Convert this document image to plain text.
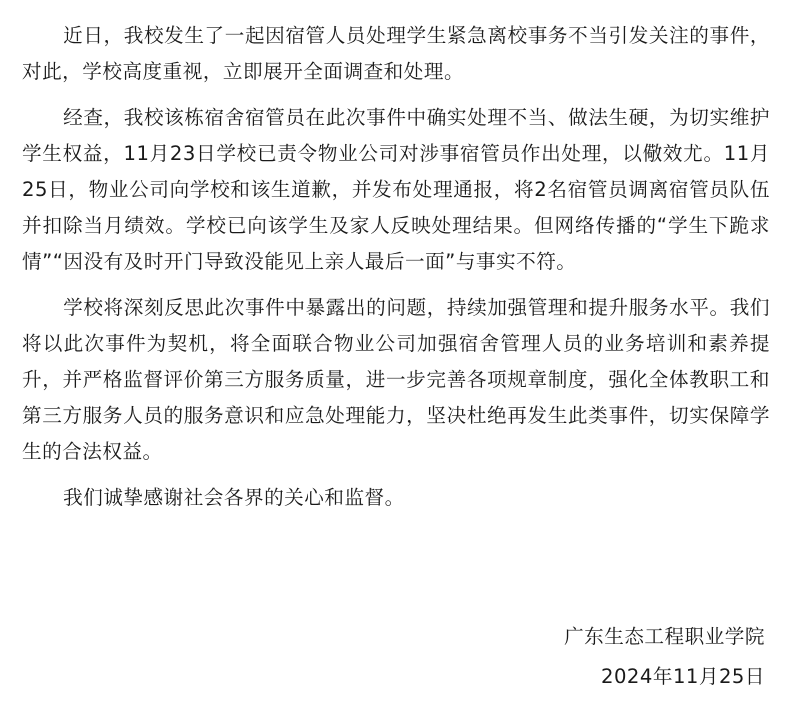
近日，我校发生了一起因宿管人员处理学生紧急离校事务不当引发关注的事件，对此，学校高度重视，立即展开全面调查和处理。

经查，我校该栋宿舍宿管员在此次事件中确实处理不当、做法生硬，为切实维护学生权益，11月23日学校已责令物业公司对涉事宿管员作出处理，以儆效尤。11月25日，物业公司向学校和该生道歉，并发布处理通报，将2名宿管员调离宿管员队伍并扣除当月绩效。学校已向该学生及家人反映处理结果。但网络传播的“学生下跪求情”“因没有及时开门导致没能见上亲人最后一面”与事实不符。

学校将深刻反思此次事件中暴露出的问题，持续加强管理和提升服务水平。我们将以此次事件为契机，将全面联合物业公司加强宿舍管理人员的业务培训和素养提升，并严格监督评价第三方服务质量，进一步完善各项规章制度，强化全体教职工和第三方服务人员的服务意识和应急处理能力，坚决杜绝再发生此类事件，切实保障学生的合法权益。

我们诚挚感谢社会各界的关心和监督。

广东生态工程职业学院
2024年11月25日
